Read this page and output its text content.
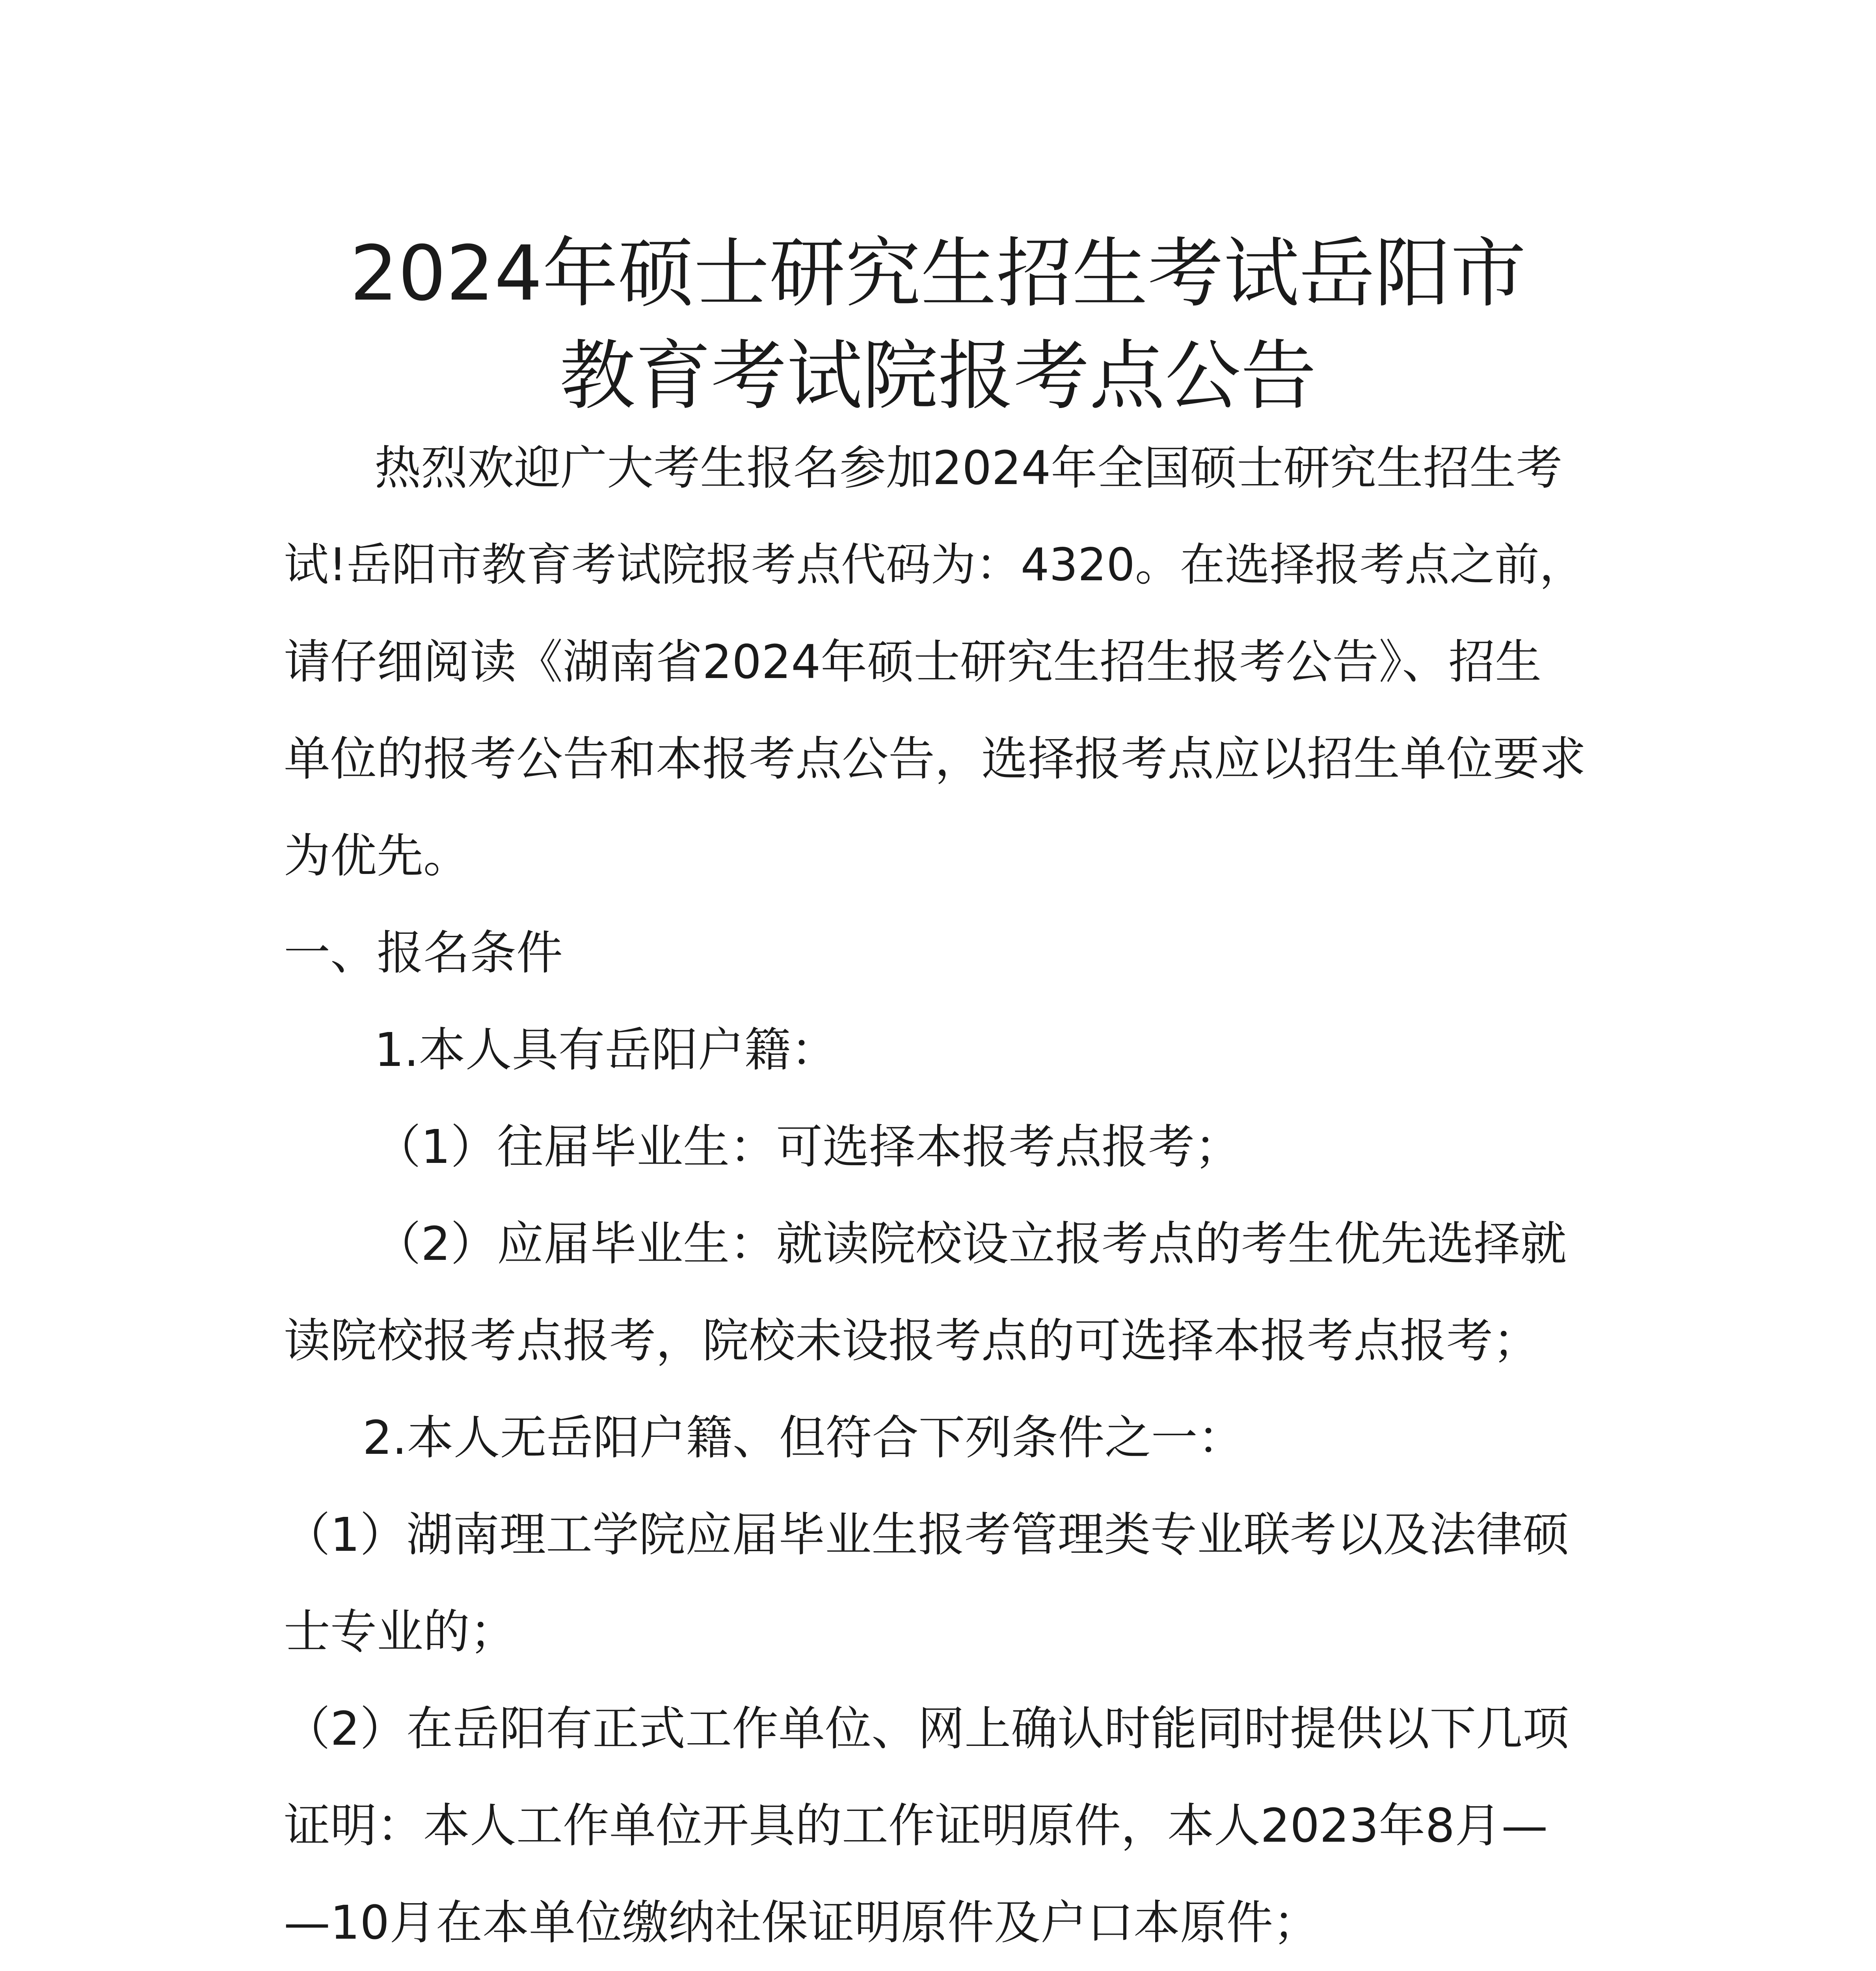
2024年硕士研究生招生考试岳阳市
教育考试院报考点公告
热烈欢迎广大考生报名参加2024年全国硕士研究生招生考
试!岳阳市教育考试院报考点代码为：4320。在选择报考点之前，
请仔细阅读《湖南省2024年硕士研究生招生报考公告》、招生
单位的报考公告和本报考点公告，选择报考点应以招生单位要求
为优先。
一、报名条件
1.本人具有岳阳户籍：
（1）往届毕业生：可选择本报考点报考；
（2）应届毕业生：就读院校设立报考点的考生优先选择就
读院校报考点报考，院校未设报考点的可选择本报考点报考；
2.本人无岳阳户籍、但符合下列条件之一：
（1）湖南理工学院应届毕业生报考管理类专业联考以及法律硕
士专业的；
（2）在岳阳有正式工作单位、网上确认时能同时提供以下几项
证明：本人工作单位开具的工作证明原件，本人2023年8月—
—10月在本单位缴纳社保证明原件及户口本原件；
